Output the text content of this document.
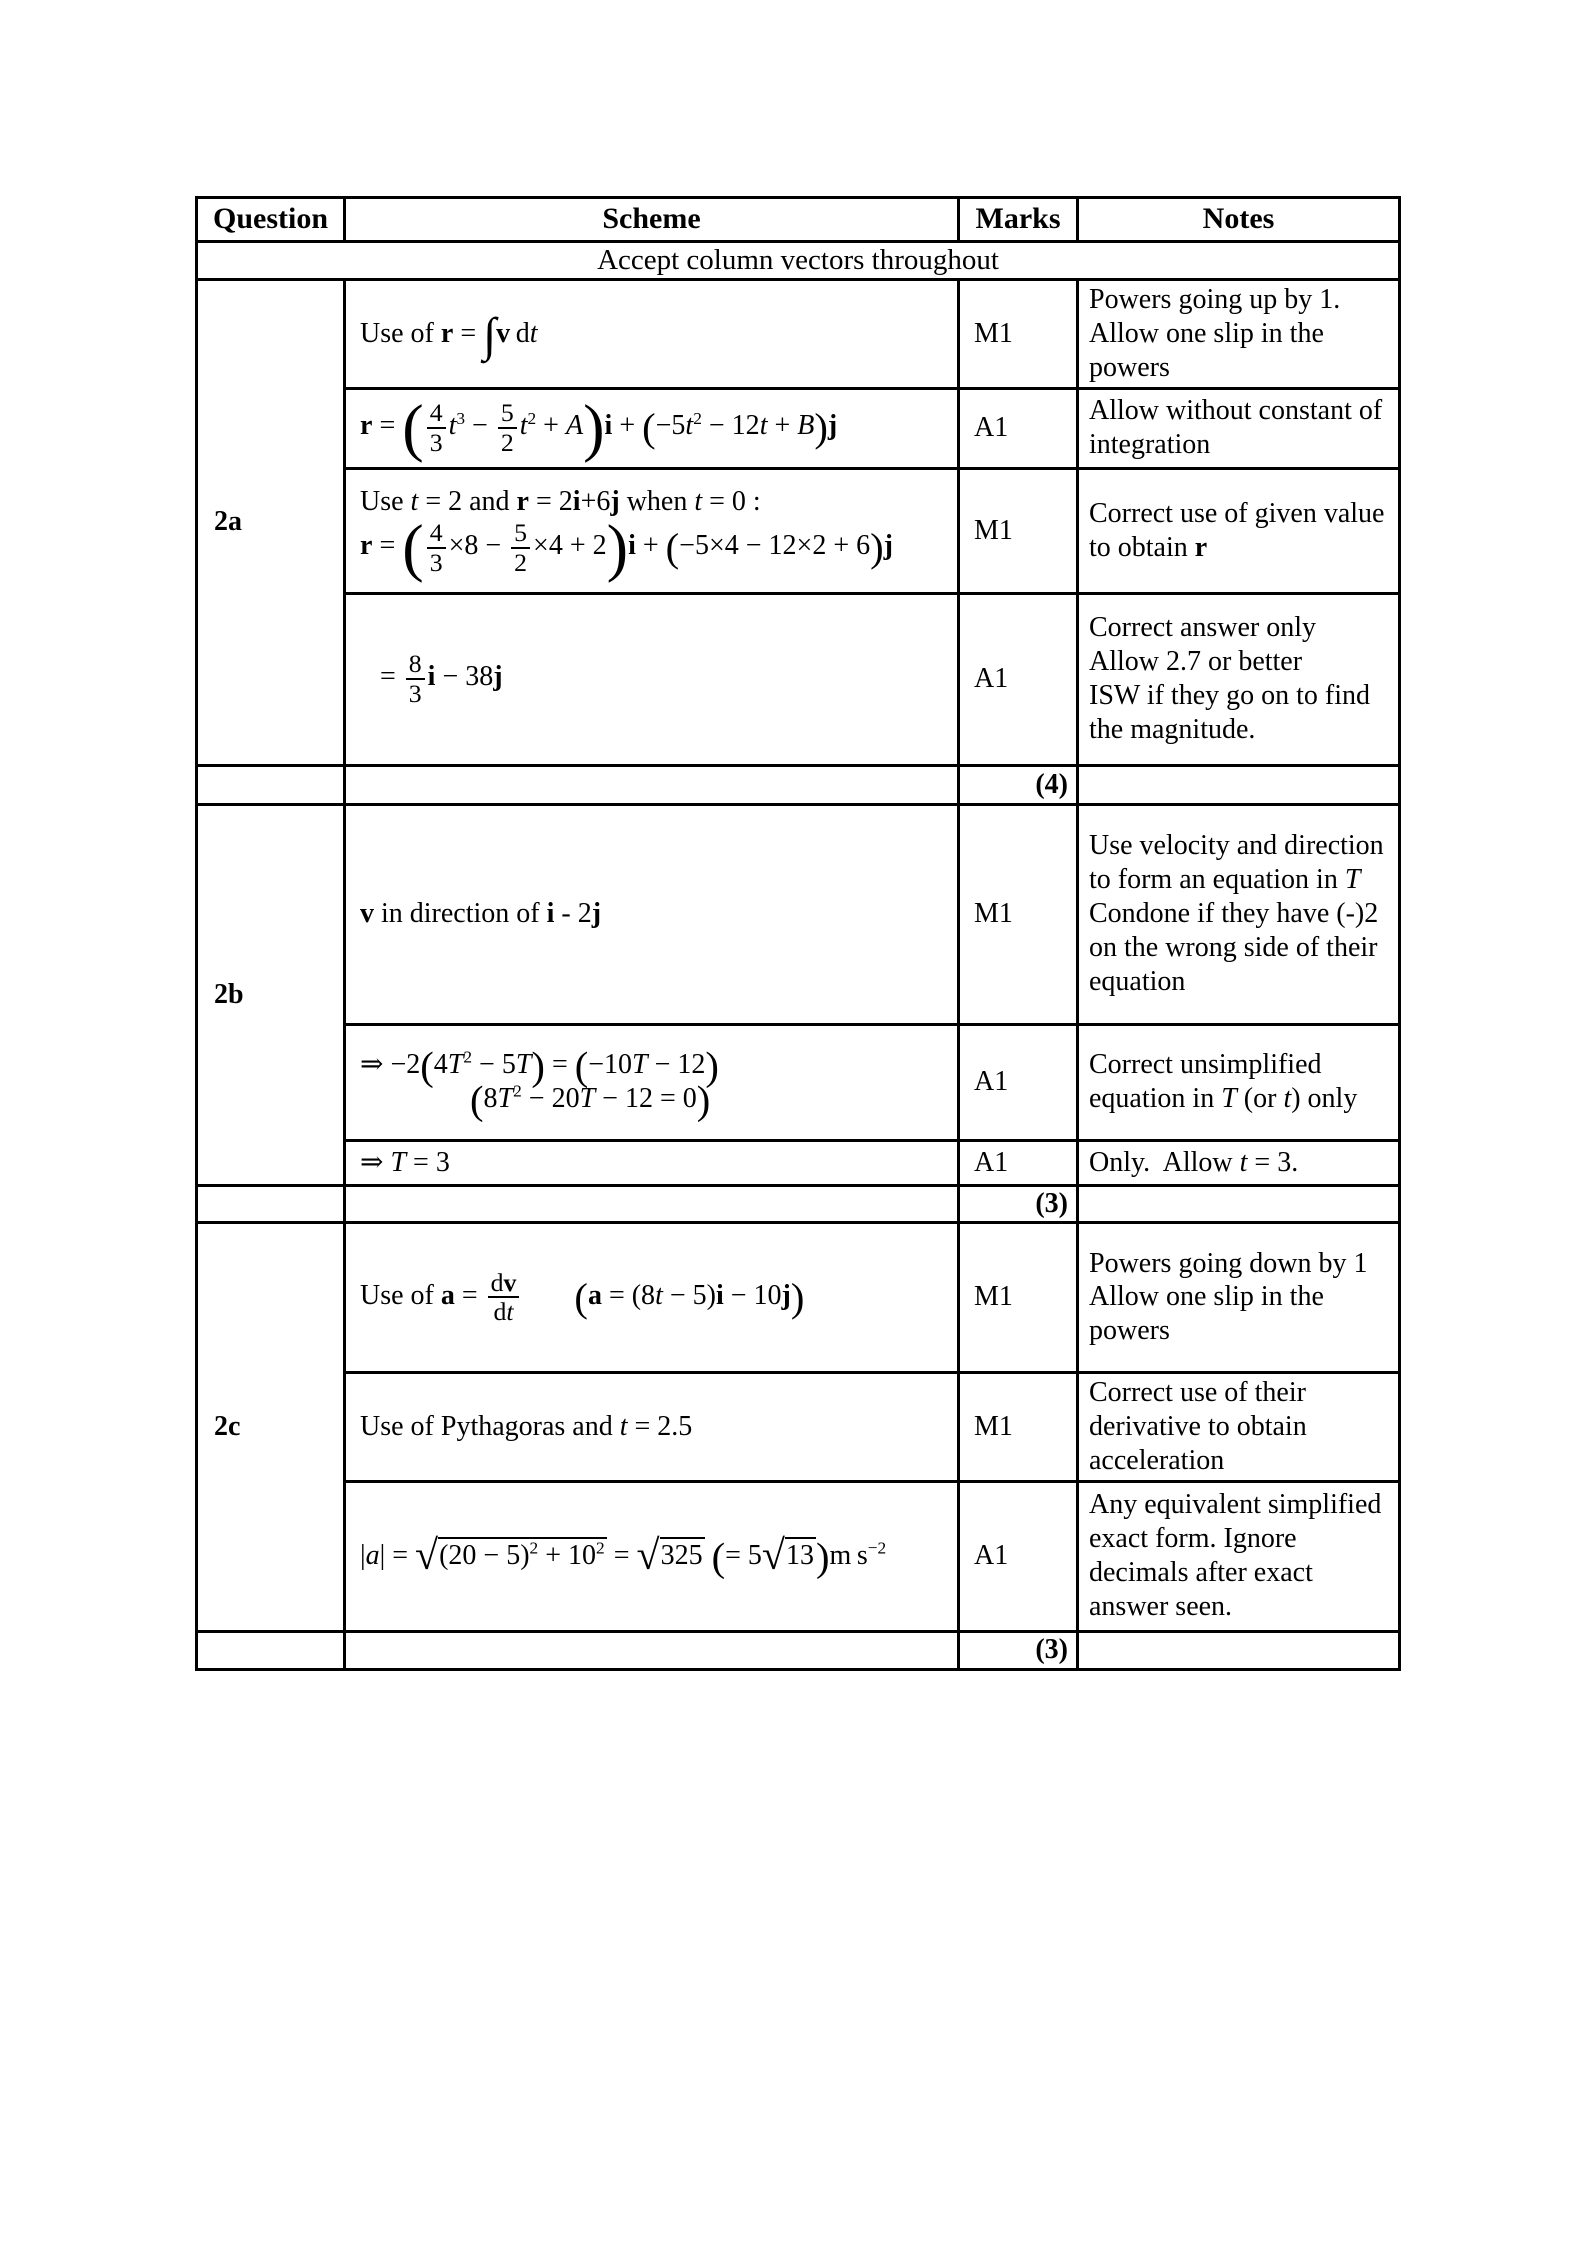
Question	Scheme	Marks	Notes
Accept column vectors throughout			
2a	Use of r = ∫v dt	M1	Powers going up by 1. Allow one slip in the powers
r = ( $\frac{4}{3} t^3 - \frac{5}{2} t^2 + A)i + (-5t^2 - 12t + B)j$	A1	Allow without constant of integration

Use t = 2 and r = 2i+6j when t = 0 :
r = ( $\frac{4}{3} \times 8 - \frac{5}{2} \times 4 + 2)i + (-5\times 4 - 12\times 2 + 6)j$
	M1	Correct use of given value to obtain r

	= $\frac{8}{3}$ i − 38j	A1	Correct answer only
Allow 2.7 or better
ISW if they go on to find the magnitude.
		(4)	
2b	v in direction of i - 2j	M1	Use velocity and direction to form an equation in T
Condone if they have (-)2 on the wrong side of their equation

	⇒ $-2(4T^2 - 5T) = (-10T - 12)$
$(8T^2 - 20T - 12 = 0)$	A1	Correct unsimplified equation in T (or t) only
	⇒ T = 3	A1	Only.  Allow t = 3.
		(3)	
2c	Use of $a = \frac{dv}{dt} (a = (8t - 5)i - 10j)$	M1	Powers going down by 1
Allow one slip in the powers
	Use of Pythagoras and t = 2.5	M1	Correct use of their derivative to obtain acceleration
	$|a| = √(20 - 5)^2 + 10^2 = √325$ (= 5√13)m $s^{-2}$	A1	Any equivalent simplified exact form. Ignore decimals after exact answer seen.
		(3)	
